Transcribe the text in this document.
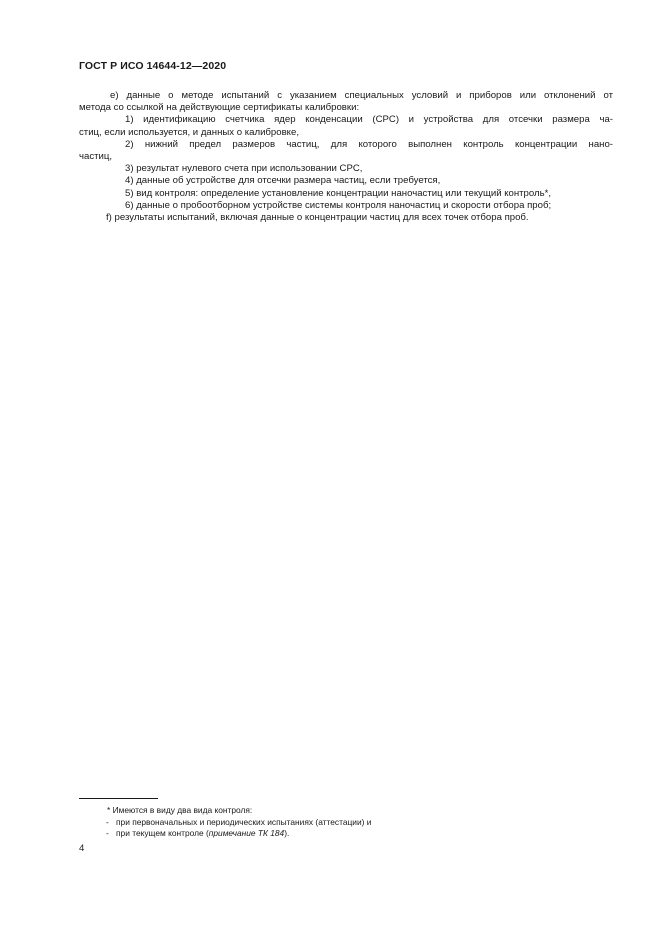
ГОСТ Р ИСО 14644-12—2020
е) данные о методе испытаний с указанием специальных условий и приборов или отклонений от
метода со ссылкой на действующие сертификаты калибровки:
1) идентификацию счетчика ядер конденсации (CPC) и устройства для отсечки размера ча-
стиц, если используется, и данных о калибровке,
2) нижний предел размеров частиц, для которого выполнен контроль концентрации нано-
частиц,
3) результат нулевого счета при использовании CPC,
4) данные об устройстве для отсечки размера частиц, если требуется,
5) вид контроля: определение установление концентрации наночастиц или текущий контроль*,
6) данные о пробоотборном устройстве системы контроля наночастиц и скорости отбора проб;
f) результаты испытаний, включая данные о концентрации частиц для всех точек отбора проб.
* Имеются в виду два вида контроля:
- при первоначальных и периодических испытаниях (аттестации) и
- при текущем контроле (примечание ТК 184).
4
